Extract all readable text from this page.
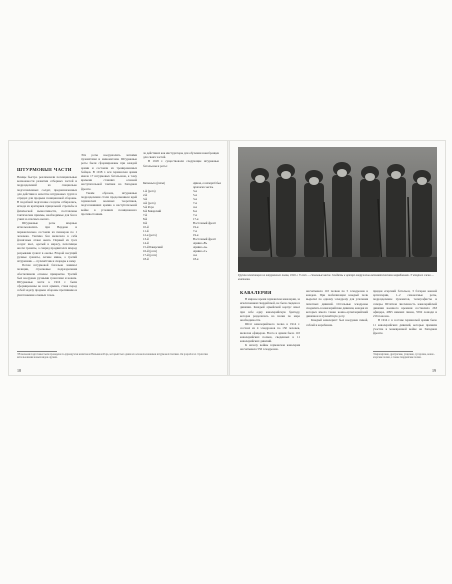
ШТУРМОВЫЕ ЧАСТИ

Немцы быстро реализовали потенциальные возможности развития отборных частей и подразделений из специально подготовленных солдат, предназначенных для действия в качестве штурмовых групп в отрядах для прорыва позиционной обороны. В подобной подготовке солдаты отбирались, исходя из критериев прицельной стрельбы и физической выносливости, поставлены тактические приемы, необходимые для боя в узких и опасных окопах.

Штурмовые роты впервые использовались при Вердене и первоначально состояли из пионеров по 1 человека. Тактика боя включала в себя фланговые атаки окопа. Первый из трех солдат шел, одетый в кирасу, пехотинцы несли гранаты, а снаряд продвигался вперед разрывами гранат в окопы. Второй несущий ручные гранаты, легкие мины, а третий штурмовик — пулемётчик и снаряды к нему.

Потом штурмовой батальон занимал позиции, стрелковые подразделения обеспечивали огневое прикрытие. Третий был вооружен ручными гранатами и ножом. Штурмовые части к 1916 г. были сформированы во всех армиях, ставя перед собой задачу прорыва обороны противника и уничтожения огневых точек.

Эти роты вооружались легкими пулемётами и минометами. Штурмовые роты были сформированы при каждой армии и состояли из тренированных бойцов. В 1918 г. вся германская армия имела 17 штурмовых батальонов, к тому времени ставших основой наступательной тактики на Западном фронте.

Таким образом, штурмовые подразделения стали продолжением идей германских военных теоретиков, подготовивших армию к наступательной войне в условиях позиционного противостояния.

ла действиях как инструкторы для обучения новобранцев для своих частей.

В 1918 г. существовали следующие штурмовые батальоны и роты:

Батальон (рота)	Армия, в которой был приписан часть
1-й (рота)	3-я
2-й	5-я
3-й	3-я
4-й (рота)	7-я
5-й Рора	4-я
6-й Баварский	6-я
7-й	7-я
8-й	17-я
9-й	Восточный фронт
10-й	19-я
11-й	7-я
12-я (рота)	19-я
13-й	Восточный фронт
14-й	Армия «В»
15-й Баварский	Армия «А»
16-й (рота)	Армия «С»
17-й (рота)	4-я
18-й	18-я
¹ Начальная подготовка была проведена по-французски капитаном Вильямом Рора, который был одним из основоположников штурмовой тактики. Он разработал стратегию использования новых видов оружия.
18
Группа пехотинцев из штурмового полка, 1916 г. У всех — стальные каски. Солдаты в центре вооружены автоматическими карабинами. У второго слева — винтовка.
КАВАЛЕРИЯ

В мирное время германская кавалерия, за исключением гвардейской, не была сведена в дивизии. Каждый армейский корпус имел при себе одну кавалерийскую бригаду, которая разделялась на полки по мере необходимости.

Штат кавалерийского полка в 1914 г. состоял из 4 эскадронов по 150 человек, включая офицеров. Всего в армии было 110 кавалерийских полков, сведенных в 11 кавалерийских дивизий.

К началу войны германская кавалерия насчитывала 550 эскадронов.

насчитывала 110 полков по 5 эскадронов в каждом. При мобилизации каждый полк выделял по одному эскадрону для усиления пехотных дивизий. Остальные эскадроны сводились в кавалерийские дивизии, каждая из которых имела также конно-артиллерийский дивизион и пулемётную роту.

Каждый кавалерист был вооружен пикой, саблей и карабином.

придан егерский батальон, 3 батареи конной артиллерии, 1–2 самокатные роты, подразделение пулеметов, телеграфисты и саперы. Штатная численность кавалерийской дивизии военного времени составляла 263 офицера, 4995 нижних чинов, 5592 лошади и 216 повозок.

В 1914 г. в составе германской армии было 11 кавалерийских дивизий, которые приняли участие в маневренной войне на Западном фронте.

¹ Кирасирские, драгунские, уланские, гусарские, конно-егерские полки, а также гвардейские полки.
19
